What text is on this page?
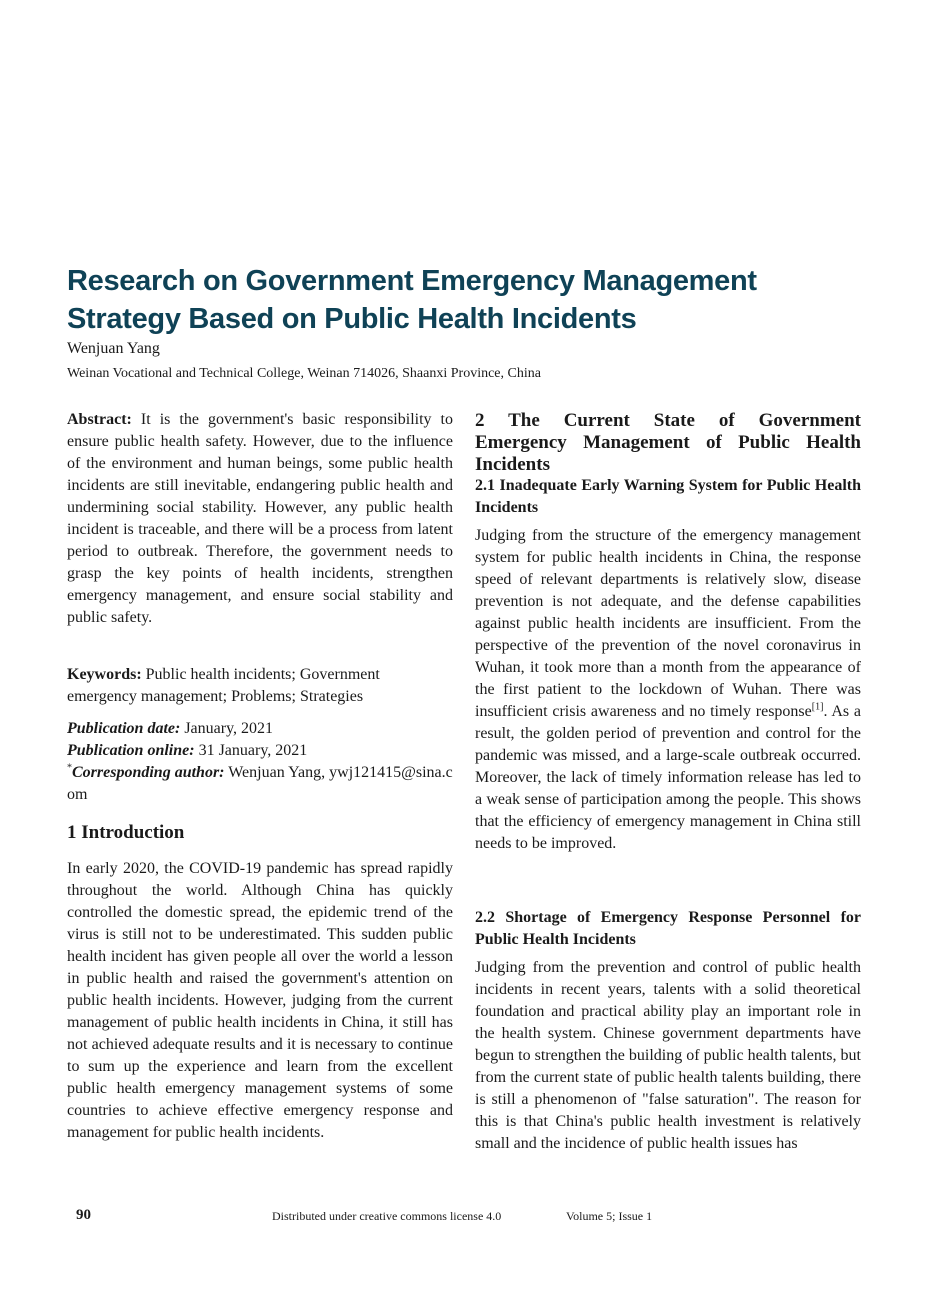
Research on Government Emergency Management Strategy Based on Public Health Incidents
Wenjuan Yang
Weinan Vocational and Technical College, Weinan 714026, Shaanxi Province, China

Abstract: It is the government's basic responsibility to ensure public health safety. However, due to the influence of the environment and human beings, some public health incidents are still inevitable, endangering public health and undermining social stability. However, any public health incident is traceable, and there will be a process from latent period to outbreak. Therefore, the government needs to grasp the key points of health incidents, strengthen emergency management, and ensure social stability and public safety.

Keywords: Public health incidents; Government emergency management; Problems; Strategies

Publication date: January, 2021
Publication online: 31 January, 2021
*Corresponding author: Wenjuan Yang, ywj121415@sina.com
1 Introduction

In early 2020, the COVID-19 pandemic has spread rapidly throughout the world. Although China has quickly controlled the domestic spread, the epidemic trend of the virus is still not to be underestimated. This sudden public health incident has given people all over the world a lesson in public health and raised the government's attention on public health incidents. However, judging from the current management of public health incidents in China, it still has not achieved adequate results and it is necessary to continue to sum up the experience and learn from the excellent public health emergency management systems of some countries to achieve effective emergency response and management for public health incidents.

2 The Current State of Government Emergency Management of Public Health Incidents
2.1 Inadequate Early Warning System for Public Health Incidents

Judging from the structure of the emergency management system for public health incidents in China, the response speed of relevant departments is relatively slow, disease prevention is not adequate, and the defense capabilities against public health incidents are insufficient. From the perspective of the prevention of the novel coronavirus in Wuhan, it took more than a month from the appearance of the first patient to the lockdown of Wuhan. There was insufficient crisis awareness and no timely response[1]. As a result, the golden period of prevention and control for the pandemic was missed, and a large-scale outbreak occurred. Moreover, the lack of timely information release has led to a weak sense of participation among the people. This shows that the efficiency of emergency management in China still needs to be improved.

2.2 Shortage of Emergency Response Personnel for Public Health Incidents

Judging from the prevention and control of public health incidents in recent years, talents with a solid theoretical foundation and practical ability play an important role in the health system. Chinese government departments have begun to strengthen the building of public health talents, but from the current state of public health talents building, there is still a phenomenon of "false saturation". The reason for this is that China's public health investment is relatively small and the incidence of public health issues has

90	Distributed under creative commons license 4.0	Volume 5; Issue 1
